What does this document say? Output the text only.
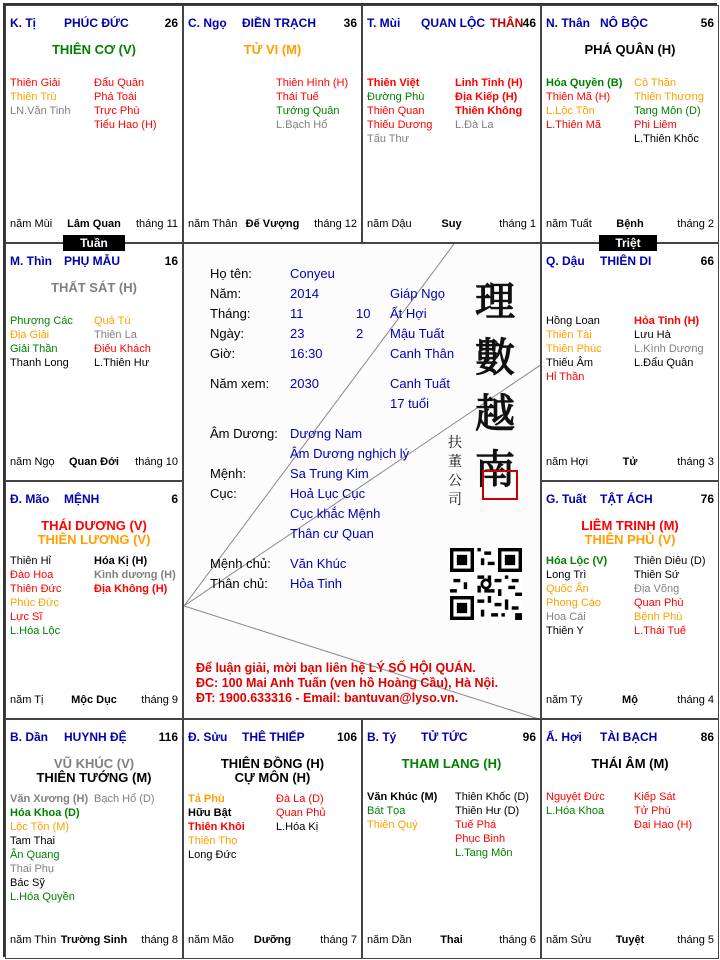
K. Tị PHÚC ĐỨC	26
THIÊN CƠ (V)
Thiên Giải
Thiên Trù
LN.Văn Tinh
Đẩu Quân
Phá Toái
Trực Phù
Tiểu Hao (H)
năm Mùi	Lâm Quan	tháng 11
C. Ngọ ĐIỀN TRẠCH 36
TỬ VI (M)
Thiên Hình (H)
Thái Tuế
Tướng Quân
L.Bạch Hổ
năm Thân Đế Vượng	tháng 12
T. Mùi QUAN LỘC THÂN 46
Thiên Việt
Đường Phù
Thiên Quan
Thiếu Dương
Tấu Thư
Linh Tinh (H)
Địa Kiếp (H)
Thiên Không
L.Đà La
năm Dậu	Suy	tháng 1
N. Thân NÔ BỘC	56
PHÁ QUÂN (H)
Hóa Quyền (B)
Thiên Mã (H)
L.Lộc Tồn
L.Thiên Mã
Cô Thần
Thiên Thương
Tang Môn (D)
Phi Liêm
L.Thiên Khốc
năm Tuất	Bệnh	tháng 2
Q. Dậu THIÊN DI	66
Hồng Loan
Thiên Tài
Thiên Phúc
Thiếu Âm
Hỉ Thần
Hỏa Tinh (H)
Lưu Hà
L.Kình Dương
L.Đẩu Quân
năm Hợi	Tử	tháng 3
G. Tuất TẬT ÁCH	76
LIÊM TRINH (M)
THIÊN PHỦ (V)
Hóa Lộc (V)
Long Trì
Quốc Ấn
Phong Cáo
Hoa Cái
Thiên Y
Thiên Diêu (D)
Thiên Sứ
Địa Võng
Quan Phù
Bệnh Phù
L.Thái Tuế
năm Tý	Mộ	tháng 4
Ấ. Hợi TÀI BẠCH	86
THÁI ÂM (M)
Nguyệt Đức
L.Hóa Khoa
Kiếp Sát
Tử Phù
Đại Hao (H)
năm Sửu	Tuyệt	tháng 5
B. Tý TỬ TỨC	96
THAM LANG (H)
Văn Khúc (M)
Bát Tọa
Thiên Quý
Thiên Khốc (D)
Thiên Hư (D)
Tuế Phá
Phục Binh
L.Tang Môn
năm Dần	Thai	tháng 6
Đ. Sửu THÊ THIẾP	106
THIÊN ĐỒNG (H)
CỰ MÔN (H)
Tả Phù
Hữu Bật
Thiên Khôi
Thiên Thọ
Long Đức
Đà La (D)
Quan Phủ
L.Hóa Kị
năm Mão	Dưỡng	tháng 7
B. Dần HUYNH ĐỆ	116
VŨ KHÚC (V)
THIÊN TƯỚNG (M)
Văn Xương (H)
Hóa Khoa (D)
Lộc Tồn (M)
Tam Thai
Ân Quang
Thai Phụ
Bác Sỹ
L.Hóa Quyền
Bạch Hổ (D)
năm Thìn Trường Sinh	tháng 8
Đ. Mão MỆNH	6
THÁI DƯƠNG (V)
THIÊN LƯƠNG (V)
Thiên Hỉ
Đào Hoa
Thiên Đức
Phúc Đức
Lực Sĩ
L.Hóa Lộc
Hóa Kị (H)
Kình dương (H)
Địa Không (H)
năm Tị	Mộc Dục	tháng 9
M. Thìn PHỤ MẪU	16
THẤT SÁT (H)
Phượng Các
Địa Giải
Giải Thần
Thanh Long
Quả Tú
Thiên La
Điếu Khách
L.Thiên Hư
năm Ngọ	Quan Đới	tháng 10
Họ tên:	Conyeu
Năm:	2014	Giáp Ngọ
Tháng:	11	10 Ất Hợi
Ngày:	23	2 Mậu Tuất
Giờ:	16:30	Canh Thân
Năm xem: 2030	Canh Tuất
17 tuổi
Âm Dương: Dương Nam
Âm Dương nghịch lý
Mệnh:	Sa Trung Kim
Cục:	Hoả Lục Cục
Cục khắc Mệnh
Thân cư Quan
Mệnh chủ: Văn Khúc
Thân chủ: Hỏa Tinh
理
數
越
南
扶
董
公
司
Để luận giải, mời bạn liên hệ LÝ SỐ HỘI QUÁN.
ĐC: 100 Mai Anh Tuấn (ven hồ Hoàng Cầu), Hà Nội.
ĐT: 1900.633316 - Email: bantuvan@lyso.vn.
Tuần	Triệt
